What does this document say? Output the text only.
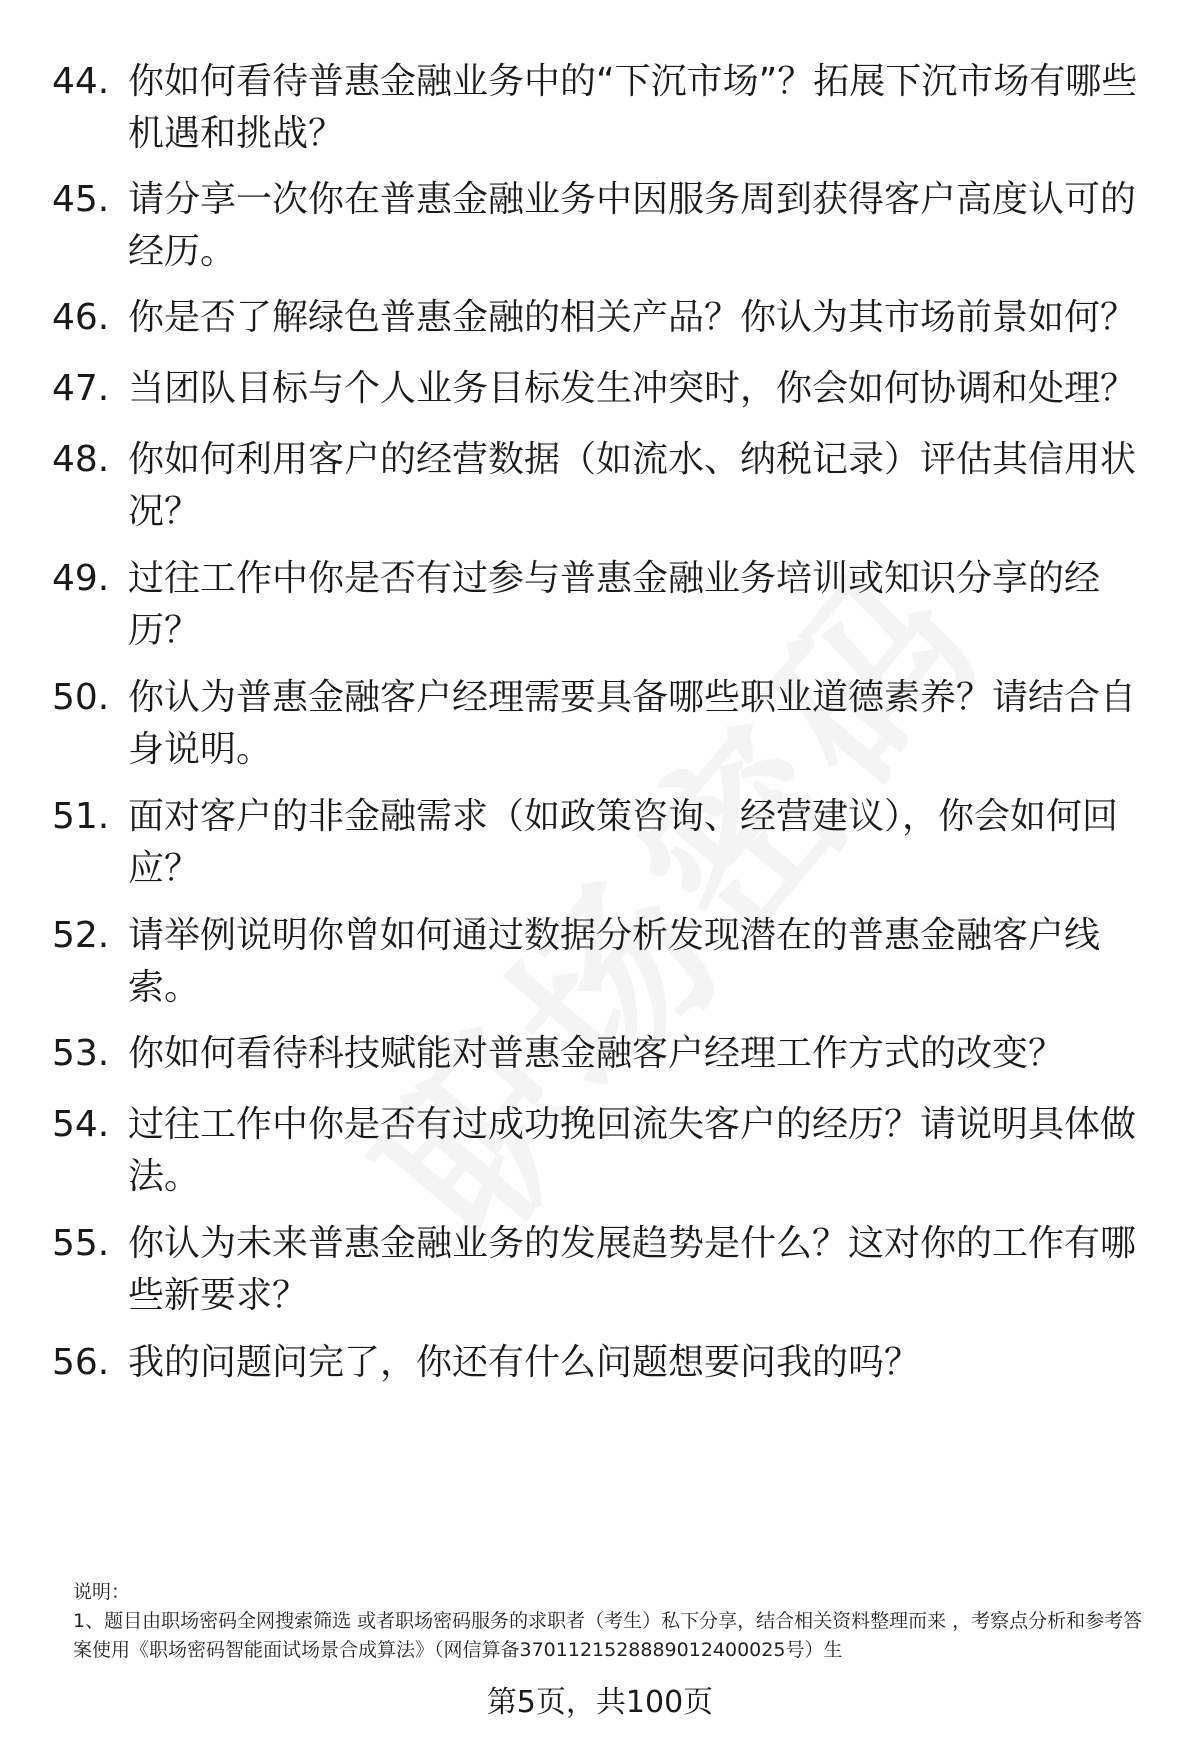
44. 你如何看待普惠金融业务中的“下沉市场”？拓展下沉市场有哪些机遇和挑战？
45. 请分享一次你在普惠金融业务中因服务周到获得客户高度认可的经历。
46. 你是否了解绿色普惠金融的相关产品？你认为其市场前景如何？
47. 当团队目标与个人业务目标发生冲突时，你会如何协调和处理？
48. 你如何利用客户的经营数据（如流水、纳税记录）评估其信用状况？
49. 过往工作中你是否有过参与普惠金融业务培训或知识分享的经历？
50. 你认为普惠金融客户经理需要具备哪些职业道德素养？请结合自身说明。
51. 面对客户的非金融需求（如政策咨询、经营建议），你会如何回应？
52. 请举例说明你曾如何通过数据分析发现潜在的普惠金融客户线索。
53. 你如何看待科技赋能对普惠金融客户经理工作方式的改变？
54. 过往工作中你是否有过成功挽回流失客户的经历？请说明具体做法。
55. 你认为未来普惠金融业务的发展趋势是什么？这对你的工作有哪些新要求？
56. 我的问题问完了，你还有什么问题想要问我的吗？
说明：
1、题目由职场密码全网搜索筛选 或者职场密码服务的求职者（考生）私下分享，结合相关资料整理而来 ，考察点分析和参考答案使用《职场密码智能面试场景合成算法》（网信算备3701121528889012400025号）生
第5页，共100页
